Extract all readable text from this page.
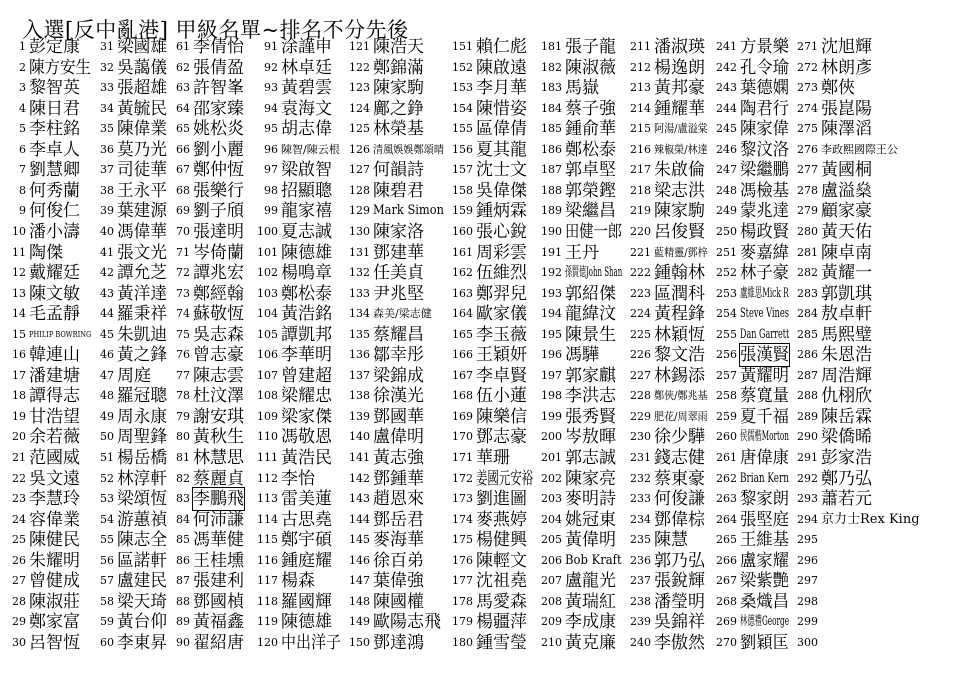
入選[反中亂港] 甲級名單~排名不分先後
1 彭定康
2 陳方安生
3 黎智英
4 陳日君
5 李柱銘
6 李卓人
7 劉慧卿
8 何秀蘭
9 何俊仁
10 潘小濤
11 陶傑
12 戴耀廷
13 陳文敏
14 毛孟靜
15 PHILIP BOWRING
16 韓連山
17 潘建塘
18 譚得志
19 甘浩望
20 余若薇
21 范國威
22 吳文遠
23 李慧玲
24 容偉業
25 陳健民
26 朱耀明
27 曾健成
28 陳淑莊
29 鄭家富
30 呂智恆
31 梁國雄
32 吳藹儀
33 張超雄
34 黃毓民
35 陳偉業
36 莫乃光
37 司徒華
38 王永平
39 葉建源
40 馮偉華
41 張文光
42 譚允芝
43 黃洋達
44 羅秉祥
45 朱凱迪
46 黃之鋒
47 周庭
48 羅冠聰
49 周永康
50 周聖鋒
51 楊岳橋
52 林淳軒
53 梁頌恆
54 游蕙禎
55 陳志全
56 區諾軒
57 盧建民
58 梁天琦
59 黃台仰
60 李東昇
61 李倩怡
62 張倩盈
63 許智峯
64 邵家臻
65 姚松炎
66 劉小麗
67 鄭仲恆
68 張樂行
69 劉子頎
70 張達明
71 岑倚蘭
72 譚兆宏
73 鄭經翰
74 蘇敬恆
75 吳志森
76 曾志豪
77 陳志雲
78 杜汶澤
79 謝安琪
80 黃秋生
81 林慧思
82 蔡麗貞
83 李鵬飛
84 何沛謙
85 馮華健
86 王桂壎
87 張建利
88 鄧國楨
89 黃福鑫
90 翟紹唐
91 涂謹申
92 林卓廷
93 黃碧雲
94 袁海文
95 胡志偉
96 陳智/陳云根
97 梁啟智
98 招顯聰
99 龍家禧
100 夏志誠
101 陳德雄
102 楊鳴章
103 鄭松泰
104 黃浩銘
105 譚凱邦
106 李華明
107 曾建超
108 梁耀忠
109 梁家傑
110 馮敬恩
111 黃浩民
112 李怡
113 雷美蓮
114 古思堯
115 鄭宇碩
116 鍾庭耀
117 楊森
118 羅國輝
119 陳德雄
120 中出洋子
121 陳浩天
122 鄭錦滿
123 陳家駒
124 鄺之錚
125 林榮基
126 清風娛娛鄭頌晴
127 何韻詩
128 陳碧君
129 Mark Simon
130 陳家洛
131 鄧建華
132 任美貞
133 尹兆堅
134 森美/梁志健
135 蔡耀昌
136 鄒幸彤
137 梁錦成
138 徐漢光
139 鄧國華
140 盧偉明
141 黃志強
142 鄧鍾華
143 趙恩來
144 鄧岳君
145 麥海華
146 徐百弟
147 葉偉強
148 陳國權
149 歐陽志飛
150 鄧達鴻
151 賴仁彪
152 陳啟遠
153 李月華
154 陳惜姿
155 區偉倩
156 夏其龍
157 沈士文
158 吳偉傑
159 鍾炳霖
160 張心銳
161 周彩雲
162 伍維烈
163 鄭羿兒
164 歐家儀
165 李玉薇
166 王穎妍
167 李卓賢
168 伍小蓮
169 陳樂信
170 鄧志豪
171 華珊
172 姜國元安裕
173 劉進圖
174 麥燕婷
175 楊健興
176 陳輕文
177 沈祖堯
178 馬愛森
179 楊疆萍
180 鍾雪瑩
181 張子龍
182 陳淑薇
183 馬嶽
184 蔡子強
185 鍾俞華
186 鄭松泰
187 郭卓堅
188 郭榮鏗
189 梁繼昌
190 田健一郎
191 王丹
192 孫賢德John Shan
193 郭紹傑
194 龍緯汶
195 陳景生
196 馮驊
197 郭家麒
198 李洪志
199 張秀賢
200 岑敖暉
201 郭志誠
202 陳家亮
203 麥明詩
204 姚冠東
205 黃偉明
206 Bob Kraft
207 盧龍光
208 黃瑞紅
209 李成康
210 黃克廉
211 潘淑瑛
212 楊逸朗
213 黃邦豪
214 鍾耀華
215 阿湯/盧溢棠
216 辣椒榮/林達
217 朱啟倫
218 梁志洪
219 陳家駒
220 呂俊賢
221 藍精靈/鄧梓
222 鍾翰林
223 區潤科
224 黃程鋒
225 林穎恆
226 黎文浩
227 林錫添
228 鄭俠/鄭兆基
229 肥花/周翠雨
230 徐少驊
231 錢志健
232 蔡東豪
233 何俊謙
234 鄧偉棕
235 陳慧
236 郭乃弘
237 張銳輝
238 潘瑩明
239 吳錦祥
240 李傲然
241 方景樂
242 孔令瑜
243 葉德嫻
244 陶君行
245 陳家偉
246 黎汶洛
247 梁繼鵬
248 馮檢基
249 蒙兆達
250 楊政賢
251 麥嘉緯
252 林子豪
253 盧維思Mick R
254 Steve Vines
255 Dan Garrett
256 張漢賢
257 黃耀明
258 蔡寬量
259 夏千福
260 侯儒楷Morton
261 唐偉康
262 Brian Kern
263 黎家朗
264 張堅庭
265 王維基
266 盧家耀
267 梁紫艷
268 桑熾昌
269 林德禮George
270 劉穎匡
271 沈旭輝
272 林朗彥
273 鄭俠
274 張崑陽
275 陳澤滔
276 李政熙國際王公
277 黃國桐
278 盧溢燊
279 顧家豪
280 黃天佑
281 陳卓南
282 黃耀一
283 郭凱琪
284 敖卓軒
285 馬熙璧
286 朱恩浩
287 周浩輝
288 仇栩欣
289 陳岳霖
290 梁僑晞
291 彭家浩
292 鄭乃弘
293 蕭若元
294 京力士Rex King
295
296
297
298
299
300
